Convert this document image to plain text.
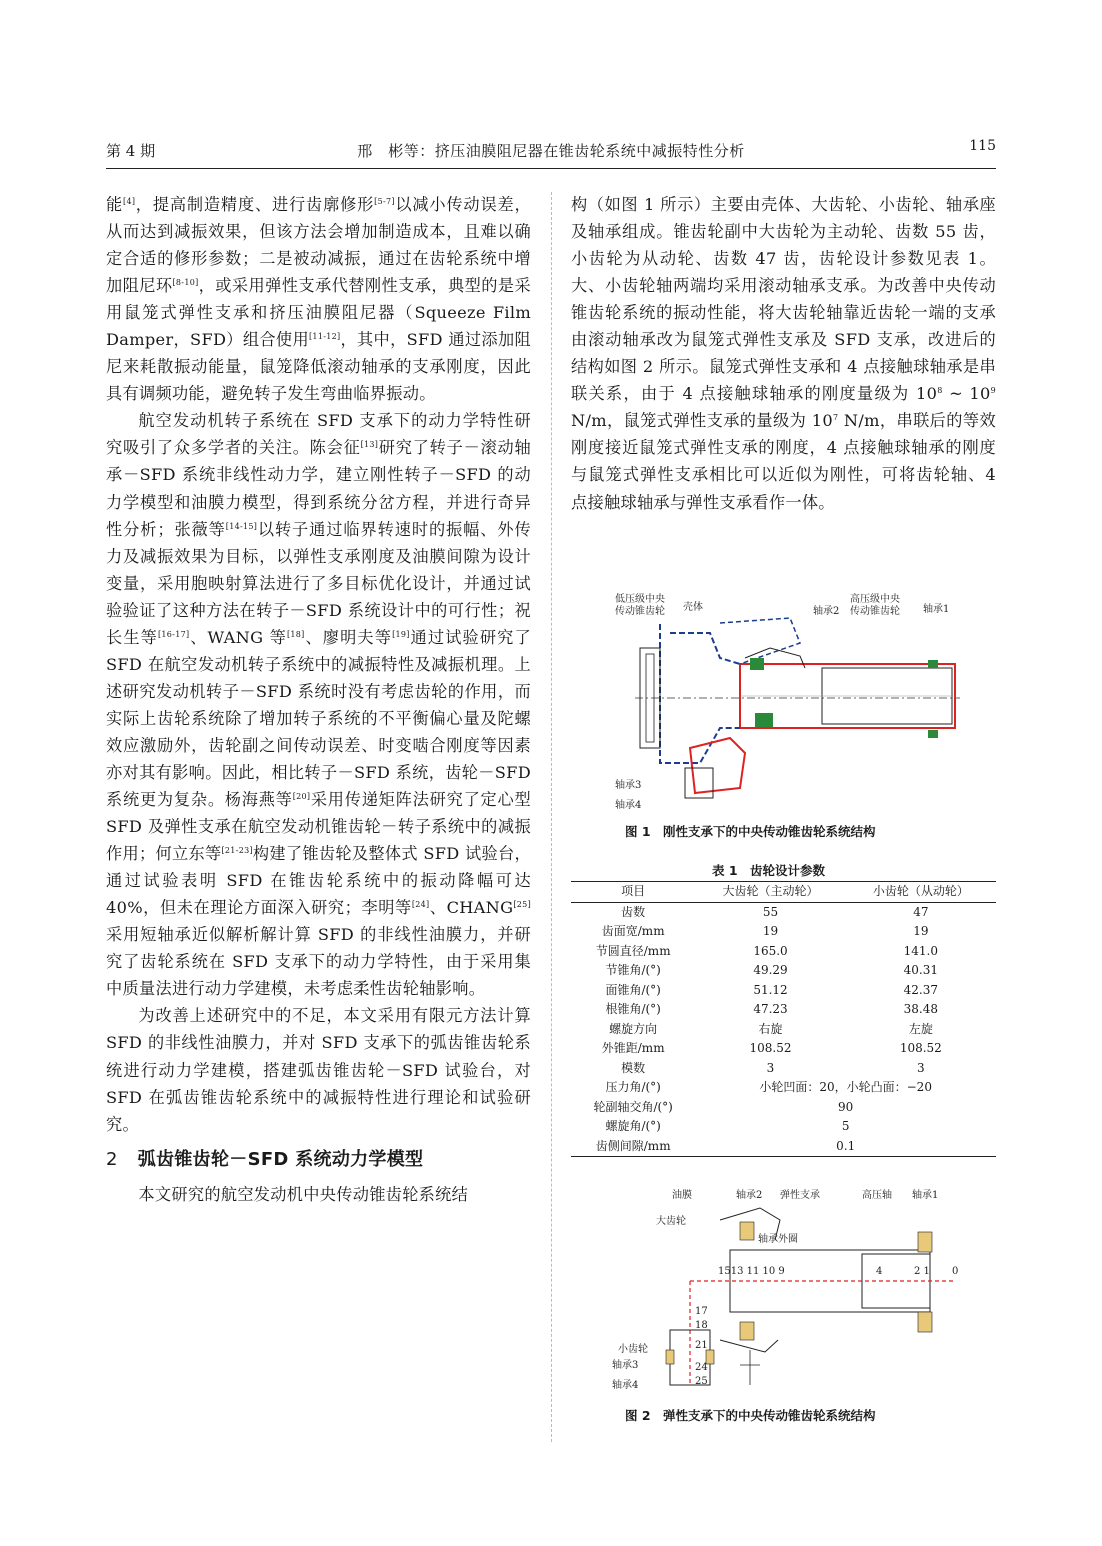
第 4 期	邢　彬等：挤压油膜阻尼器在锥齿轮系统中减振特性分析	115

能[4]，提高制造精度、进行齿廓修形[5-7]以减小传动误差，从而达到减振效果，但该方法会增加制造成本，且难以确定合适的修形参数；二是被动减振，通过在齿轮系统中增加阻尼环[8-10]，或采用弹性支承代替刚性支承，典型的是采用鼠笼式弹性支承和挤压油膜阻尼器（Squeeze Film Damper，SFD）组合使用[11-12]，其中，SFD 通过添加阻尼来耗散振动能量，鼠笼降低滚动轴承的支承刚度，因此具有调频功能，避免转子发生弯曲临界振动。

航空发动机转子系统在 SFD 支承下的动力学特性研究吸引了众多学者的关注。陈会征[13]研究了转子－滚动轴承－SFD 系统非线性动力学，建立刚性转子－SFD 的动力学模型和油膜力模型，得到系统分岔方程，并进行奇异性分析；张薇等[14-15]以转子通过临界转速时的振幅、外传力及减振效果为目标，以弹性支承刚度及油膜间隙为设计变量，采用胞映射算法进行了多目标优化设计，并通过试验验证了这种方法在转子－SFD 系统设计中的可行性；祝长生等[16-17]、WANG 等[18]、廖明夫等[19]通过试验研究了 SFD 在航空发动机转子系统中的减振特性及减振机理。上述研究发动机转子－SFD 系统时没有考虑齿轮的作用，而实际上齿轮系统除了增加转子系统的不平衡偏心量及陀螺效应激励外，齿轮副之间传动误差、时变啮合刚度等因素亦对其有影响。因此，相比转子－SFD 系统，齿轮－SFD 系统更为复杂。杨海燕等[20]采用传递矩阵法研究了定心型 SFD 及弹性支承在航空发动机锥齿轮－转子系统中的减振作用；何立东等[21-23]构建了锥齿轮及整体式 SFD 试验台，通过试验表明 SFD 在锥齿轮系统中的振动降幅可达 40%，但未在理论方面深入研究；李明等[24]、CHANG[25]采用短轴承近似解析解计算 SFD 的非线性油膜力，并研究了齿轮系统在 SFD 支承下的动力学特性，由于采用集中质量法进行动力学建模，未考虑柔性齿轮轴影响。

为改善上述研究中的不足，本文采用有限元方法计算 SFD 的非线性油膜力，并对 SFD 支承下的弧齿锥齿轮系统进行动力学建模，搭建弧齿锥齿轮－SFD 试验台，对 SFD 在弧齿锥齿轮系统中的减振特性进行理论和试验研究。

2 弧齿锥齿轮－SFD 系统动力学模型

本文研究的航空发动机中央传动锥齿轮系统结

构（如图 1 所示）主要由壳体、大齿轮、小齿轮、轴承座及轴承组成。锥齿轮副中大齿轮为主动轮、齿数 55 齿，小齿轮为从动轮、齿数 47 齿，齿轮设计参数见表 1。大、小齿轮轴两端均采用滚动轴承支承。为改善中央传动锥齿轮系统的振动性能，将大齿轮轴靠近齿轮一端的支承由滚动轴承改为鼠笼式弹性支承及 SFD 支承，改进后的结构如图 2 所示。鼠笼式弹性支承和 4 点接触球轴承是串联关系，由于 4 点接触球轴承的刚度量级为 $10^8$ ~ $10^9$ N/m，鼠笼式弹性支承的量级为 $10^7$ N/m，串联后的等效刚度接近鼠笼式弹性支承的刚度，4 点接触球轴承的刚度与鼠笼式弹性支承相比可以近似为刚性，可将齿轮轴、4 点接触球轴承与弹性支承看作一体。

低压级中央
传动锥齿轮 壳体	轴承2
高压级中央
传动锥齿轮 轴承1
轴承3
轴承4
图 1　刚性支承下的中央传动锥齿轮系统结构
表 1　齿轮设计参数
项目	大齿轮（主动轮）	小齿轮（从动轮）
齿数	55	47
齿面宽/mm	19	19
节圆直径/mm	165.0	141.0
节锥角/(°)	49.29	40.31
面锥角/(°)	51.12	42.37
根锥角/(°)	47.23	38.48
螺旋方向	右旋	左旋
外锥距/mm	108.52	108.52
模数	3	3
压力角/(°)	小轮凹面：20，小轮凸面：−20	
轮副轴交角/(°)	90	
螺旋角/(°)	5	
齿侧间隙/mm	0.1	
油膜	轴承2 弹性支承	高压轴 轴承1
大齿轮
轴承外圈
1513 11 10 9	4	2 1 0
17
18
21
24
25
小齿轮
轴承3
轴承4
图 2　弹性支承下的中央传动锥齿轮系统结构
